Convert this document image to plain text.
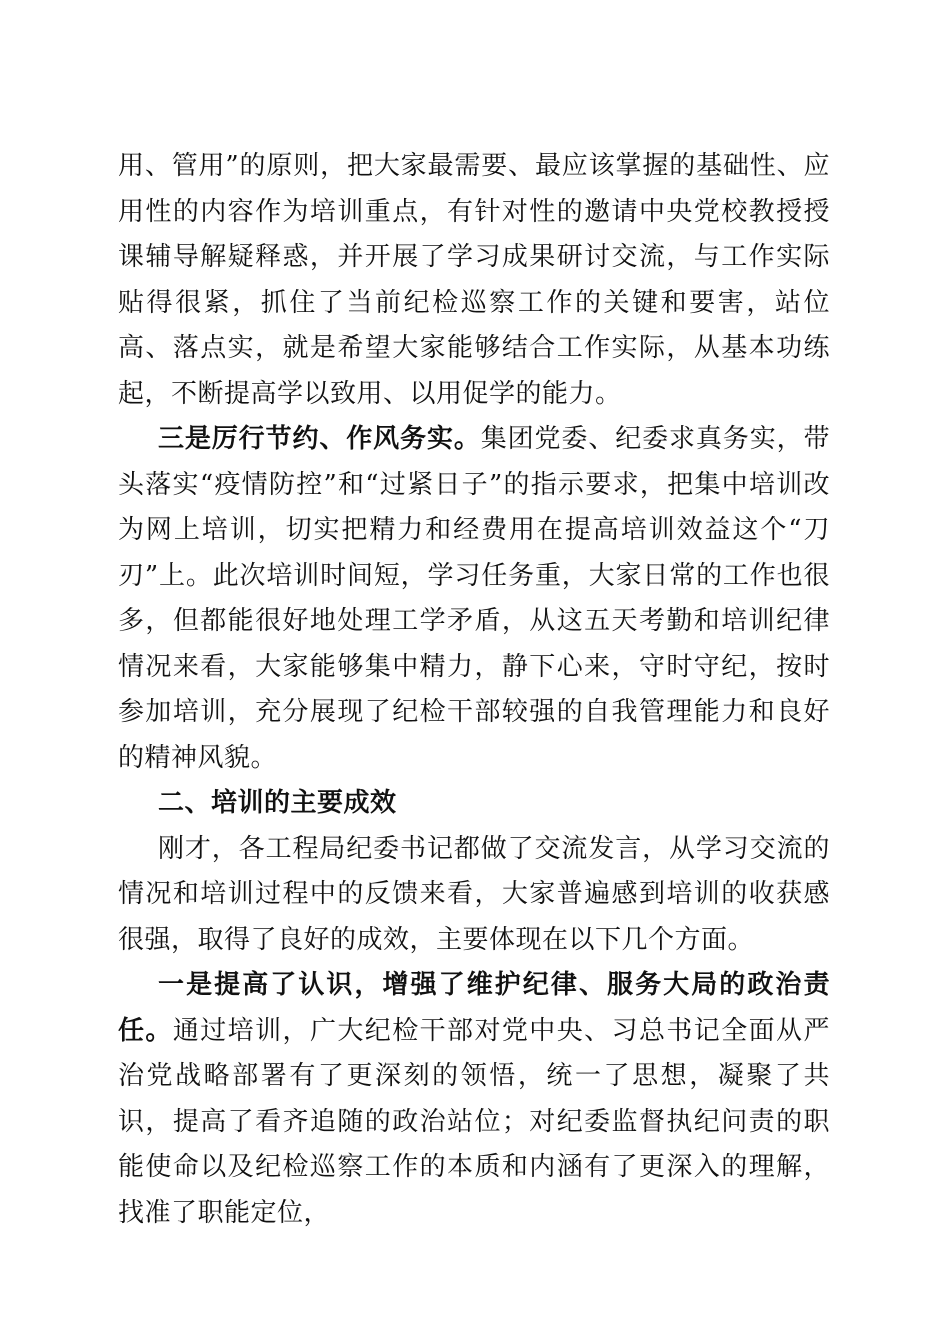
用、管用”的原则，把大家最需要、最应该掌握的基础性、应用性的内容作为培训重点，有针对性的邀请中央党校教授授课辅导解疑释惑，并开展了学习成果研讨交流，与工作实际贴得很紧，抓住了当前纪检巡察工作的关键和要害，站位高、落点实，就是希望大家能够结合工作实际，从基本功练起，不断提高学以致用、以用促学的能力。

三是厉行节约、作风务实。集团党委、纪委求真务实，带头落实“疫情防控”和“过紧日子”的指示要求，把集中培训改为网上培训，切实把精力和经费用在提高培训效益这个“刀刃”上。此次培训时间短，学习任务重，大家日常的工作也很多，但都能很好地处理工学矛盾，从这五天考勤和培训纪律情况来看，大家能够集中精力，静下心来，守时守纪，按时参加培训，充分展现了纪检干部较强的自我管理能力和良好的精神风貌。

二、培训的主要成效

刚才，各工程局纪委书记都做了交流发言，从学习交流的情况和培训过程中的反馈来看，大家普遍感到培训的收获感很强，取得了良好的成效，主要体现在以下几个方面。

一是提高了认识，增强了维护纪律、服务大局的政治责任。通过培训，广大纪检干部对党中央、习总书记全面从严治党战略部署有了更深刻的领悟，统一了思想，凝聚了共识，提高了看齐追随的政治站位；对纪委监督执纪问责的职能使命以及纪检巡察工作的本质和内涵有了更深入的理解，找准了职能定位，
